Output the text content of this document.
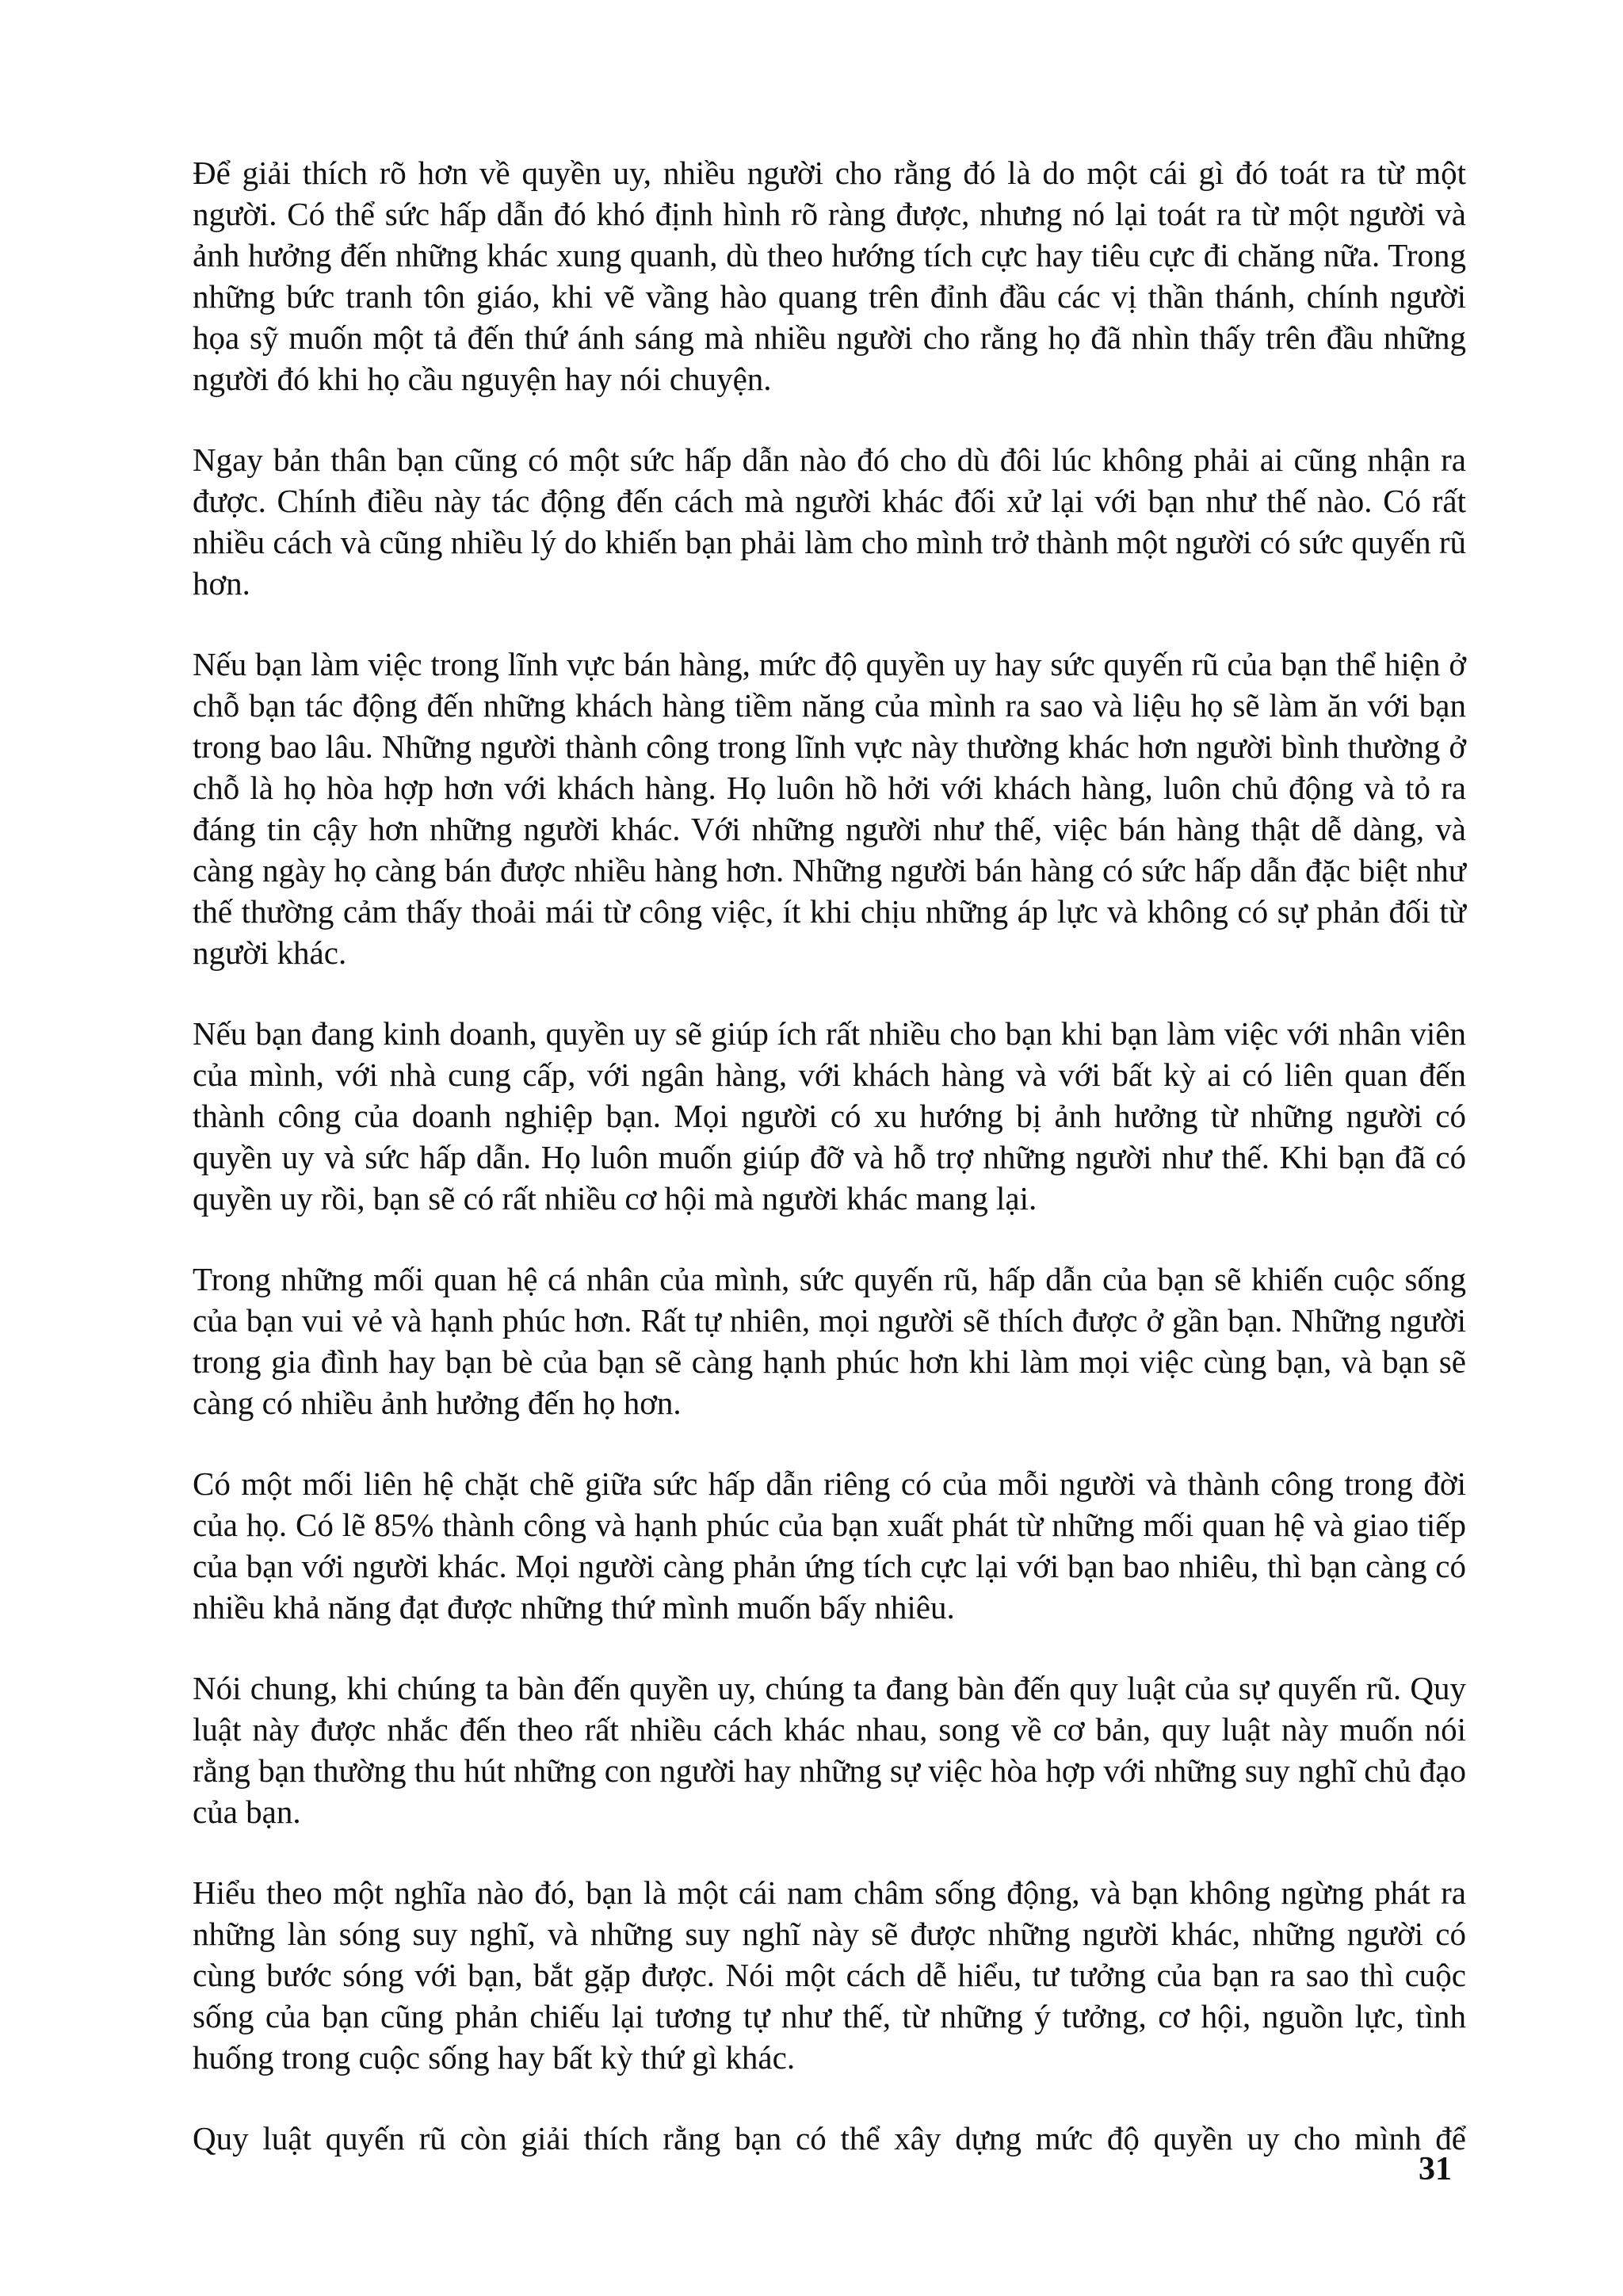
Để giải thích rõ hơn về quyền uy, nhiều người cho rằng đó là do một cái gì đó toát ra từ một người. Có thể sức hấp dẫn đó khó định hình rõ ràng được, nhưng nó lại toát ra từ một người và ảnh hưởng đến những khác xung quanh, dù theo hướng tích cực hay tiêu cực đi chăng nữa. Trong những bức tranh tôn giáo, khi vẽ vầng hào quang trên đỉnh đầu các vị thần thánh, chính người họa sỹ muốn một tả đến thứ ánh sáng mà nhiều người cho rằng họ đã nhìn thấy trên đầu những người đó khi họ cầu nguyện hay nói chuyện.

Ngay bản thân bạn cũng có một sức hấp dẫn nào đó cho dù đôi lúc không phải ai cũng nhận ra được. Chính điều này tác động đến cách mà người khác đối xử lại với bạn như thế nào. Có rất nhiều cách và cũng nhiều lý do khiến bạn phải làm cho mình trở thành một người có sức quyến rũ hơn.

Nếu bạn làm việc trong lĩnh vực bán hàng, mức độ quyền uy hay sức quyến rũ của bạn thể hiện ở chỗ bạn tác động đến những khách hàng tiềm năng của mình ra sao và liệu họ sẽ làm ăn với bạn trong bao lâu. Những người thành công trong lĩnh vực này thường khác hơn người bình thường ở chỗ là họ hòa hợp hơn với khách hàng. Họ luôn hồ hởi với khách hàng, luôn chủ động và tỏ ra đáng tin cậy hơn những người khác. Với những người như thế, việc bán hàng thật dễ dàng, và càng ngày họ càng bán được nhiều hàng hơn. Những người bán hàng có sức hấp dẫn đặc biệt như thế thường cảm thấy thoải mái từ công việc, ít khi chịu những áp lực và không có sự phản đối từ người khác.

Nếu bạn đang kinh doanh, quyền uy sẽ giúp ích rất nhiều cho bạn khi bạn làm việc với nhân viên của mình, với nhà cung cấp, với ngân hàng, với khách hàng và với bất kỳ ai có liên quan đến thành công của doanh nghiệp bạn. Mọi người có xu hướng bị ảnh hưởng từ những người có quyền uy và sức hấp dẫn. Họ luôn muốn giúp đỡ và hỗ trợ những người như thế. Khi bạn đã có quyền uy rồi, bạn sẽ có rất nhiều cơ hội mà người khác mang lại.

Trong những mối quan hệ cá nhân của mình, sức quyến rũ, hấp dẫn của bạn sẽ khiến cuộc sống của bạn vui vẻ và hạnh phúc hơn. Rất tự nhiên, mọi người sẽ thích được ở gần bạn. Những người trong gia đình hay bạn bè của bạn sẽ càng hạnh phúc hơn khi làm mọi việc cùng bạn, và bạn sẽ càng có nhiều ảnh hưởng đến họ hơn.

Có một mối liên hệ chặt chẽ giữa sức hấp dẫn riêng có của mỗi người và thành công trong đời của họ. Có lẽ 85% thành công và hạnh phúc của bạn xuất phát từ những mối quan hệ và giao tiếp của bạn với người khác. Mọi người càng phản ứng tích cực lại với bạn bao nhiêu, thì bạn càng có nhiều khả năng đạt được những thứ mình muốn bấy nhiêu.

Nói chung, khi chúng ta bàn đến quyền uy, chúng ta đang bàn đến quy luật của sự quyến rũ. Quy luật này được nhắc đến theo rất nhiều cách khác nhau, song về cơ bản, quy luật này muốn nói rằng bạn thường thu hút những con người hay những sự việc hòa hợp với những suy nghĩ chủ đạo của bạn.

Hiểu theo một nghĩa nào đó, bạn là một cái nam châm sống động, và bạn không ngừng phát ra những làn sóng suy nghĩ, và những suy nghĩ này sẽ được những người khác, những người có cùng bước sóng với bạn, bắt gặp được. Nói một cách dễ hiểu, tư tưởng của bạn ra sao thì cuộc sống của bạn cũng phản chiếu lại tương tự như thế, từ những ý tưởng, cơ hội, nguồn lực, tình huống trong cuộc sống hay bất kỳ thứ gì khác.

Quy luật quyến rũ còn giải thích rằng bạn có thể xây dựng mức độ quyền uy cho mình để

31
